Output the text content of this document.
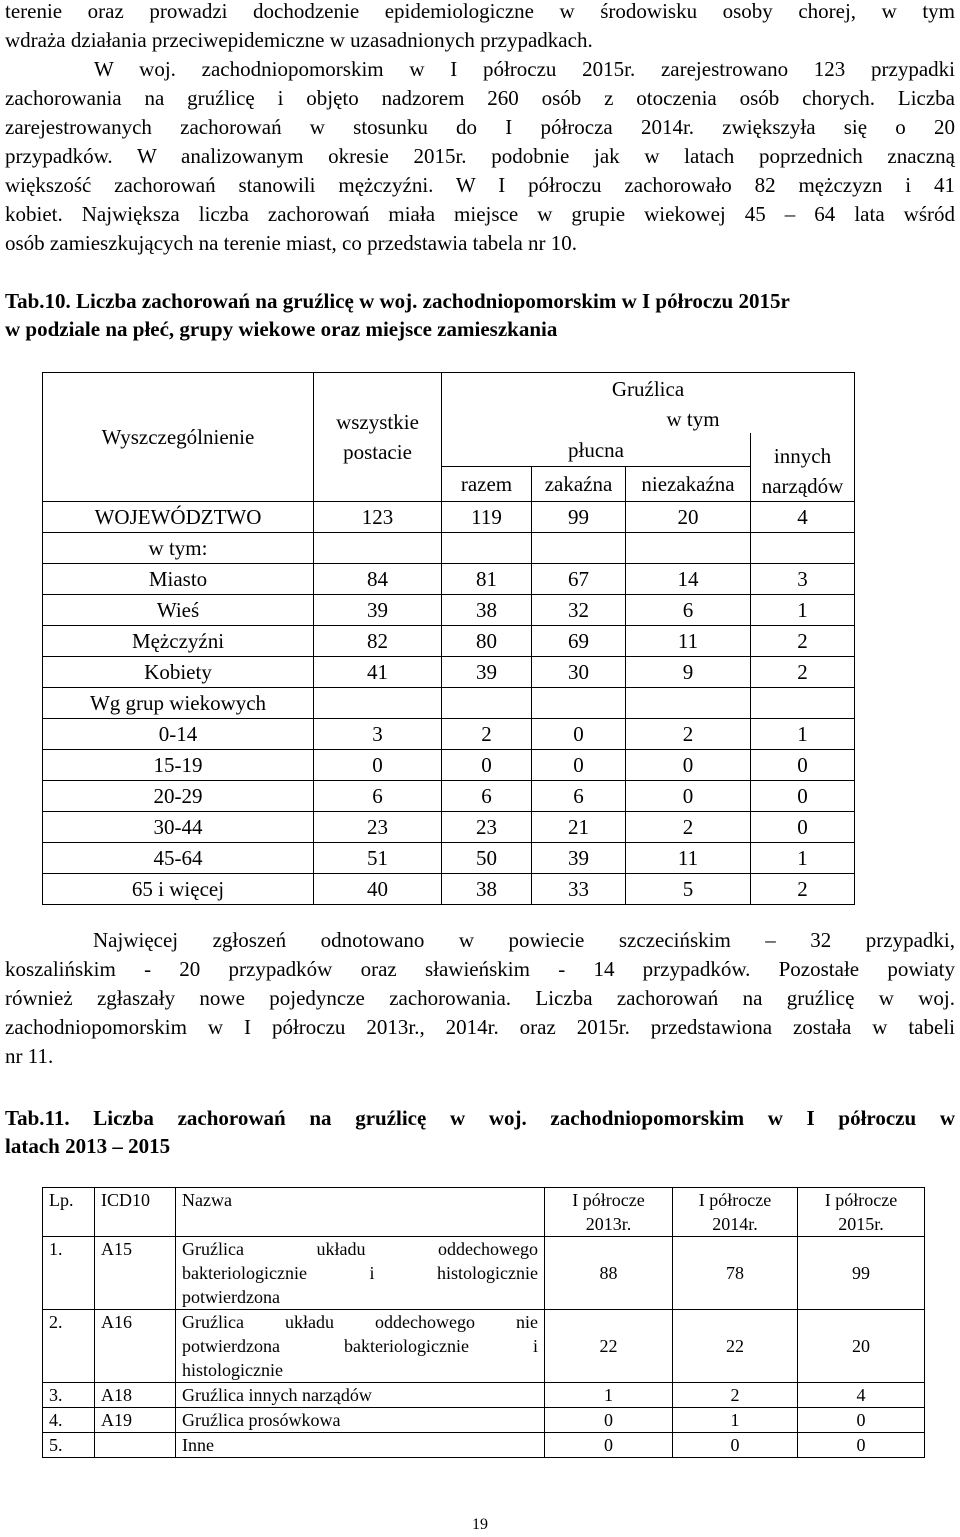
terenie oraz prowadzi dochodzenie epidemiologiczne w środowisku osoby chorej, w tym
wdraża działania przeciwepidemiczne w uzasadnionych przypadkach.
W woj. zachodniopomorskim w I półroczu 2015r. zarejestrowano 123 przypadki
zachorowania na gruźlicę i objęto nadzorem 260 osób z otoczenia osób chorych. Liczba
zarejestrowanych zachorowań w stosunku do I półrocza 2014r. zwiększyła się o 20
przypadków. W analizowanym okresie 2015r. podobnie jak w latach poprzednich znaczną
większość zachorowań stanowili mężczyźni. W I półroczu zachorowało 82 mężczyzn i 41
kobiet. Największa liczba zachorowań miała miejsce w grupie wiekowej 45 – 64 lata wśród
osób zamieszkujących na terenie miast, co przedstawia tabela nr 10.
Tab.10. Liczba zachorowań na gruźlicę w woj. zachodniopomorskim w I półroczu 2015r
w podziale na płeć, grupy wiekowe oraz miejsce zamieszkania
Wyszczególnienie	wszystkie postacie	Gruźlica			
		w tym			
		płucna			innych narządów
		razem	zakaźna	niezakaźna	
WOJEWÓDZTWO	123	119	99	20	4
w tym:					
Miasto	84	81	67	14	3
Wieś	39	38	32	6	1
Mężczyźni	82	80	69	11	2
Kobiety	41	39	30	9	2
Wg grup wiekowych					
0-14	3	2	0	2	1
15-19	0	0	0	0	0
20-29	6	6	6	0	0
30-44	23	23	21	2	0
45-64	51	50	39	11	1
65 i więcej	40	38	33	5	2
Najwięcej zgłoszeń odnotowano w powiecie szczecińskim – 32 przypadki,
koszalińskim - 20 przypadków oraz sławieńskim - 14 przypadków. Pozostałe powiaty
również zgłaszały nowe pojedyncze zachorowania. Liczba zachorowań na gruźlicę w woj.
zachodniopomorskim w I półroczu 2013r., 2014r. oraz 2015r. przedstawiona została w tabeli
nr 11.
Tab.11. Liczba zachorowań na gruźlicę w woj. zachodniopomorskim w I półroczu w
latach 2013 – 2015
Lp.	ICD10	Nazwa	I półrocze 2013r.	I półrocze 2014r.	I półrocze 2015r.
1.	A15	Gruźlica układu oddechowego
bakteriologicznie i histologicznie
potwierdzona	88	78	99
2.	A16	Gruźlica układu oddechowego nie
potwierdzona bakteriologicznie i
histologicznie	22	22	20
3.	A18	Gruźlica innych narządów	1	2	4
4.	A19	Gruźlica prosówkowa	0	1	0
5.		Inne	0	0	0
19
